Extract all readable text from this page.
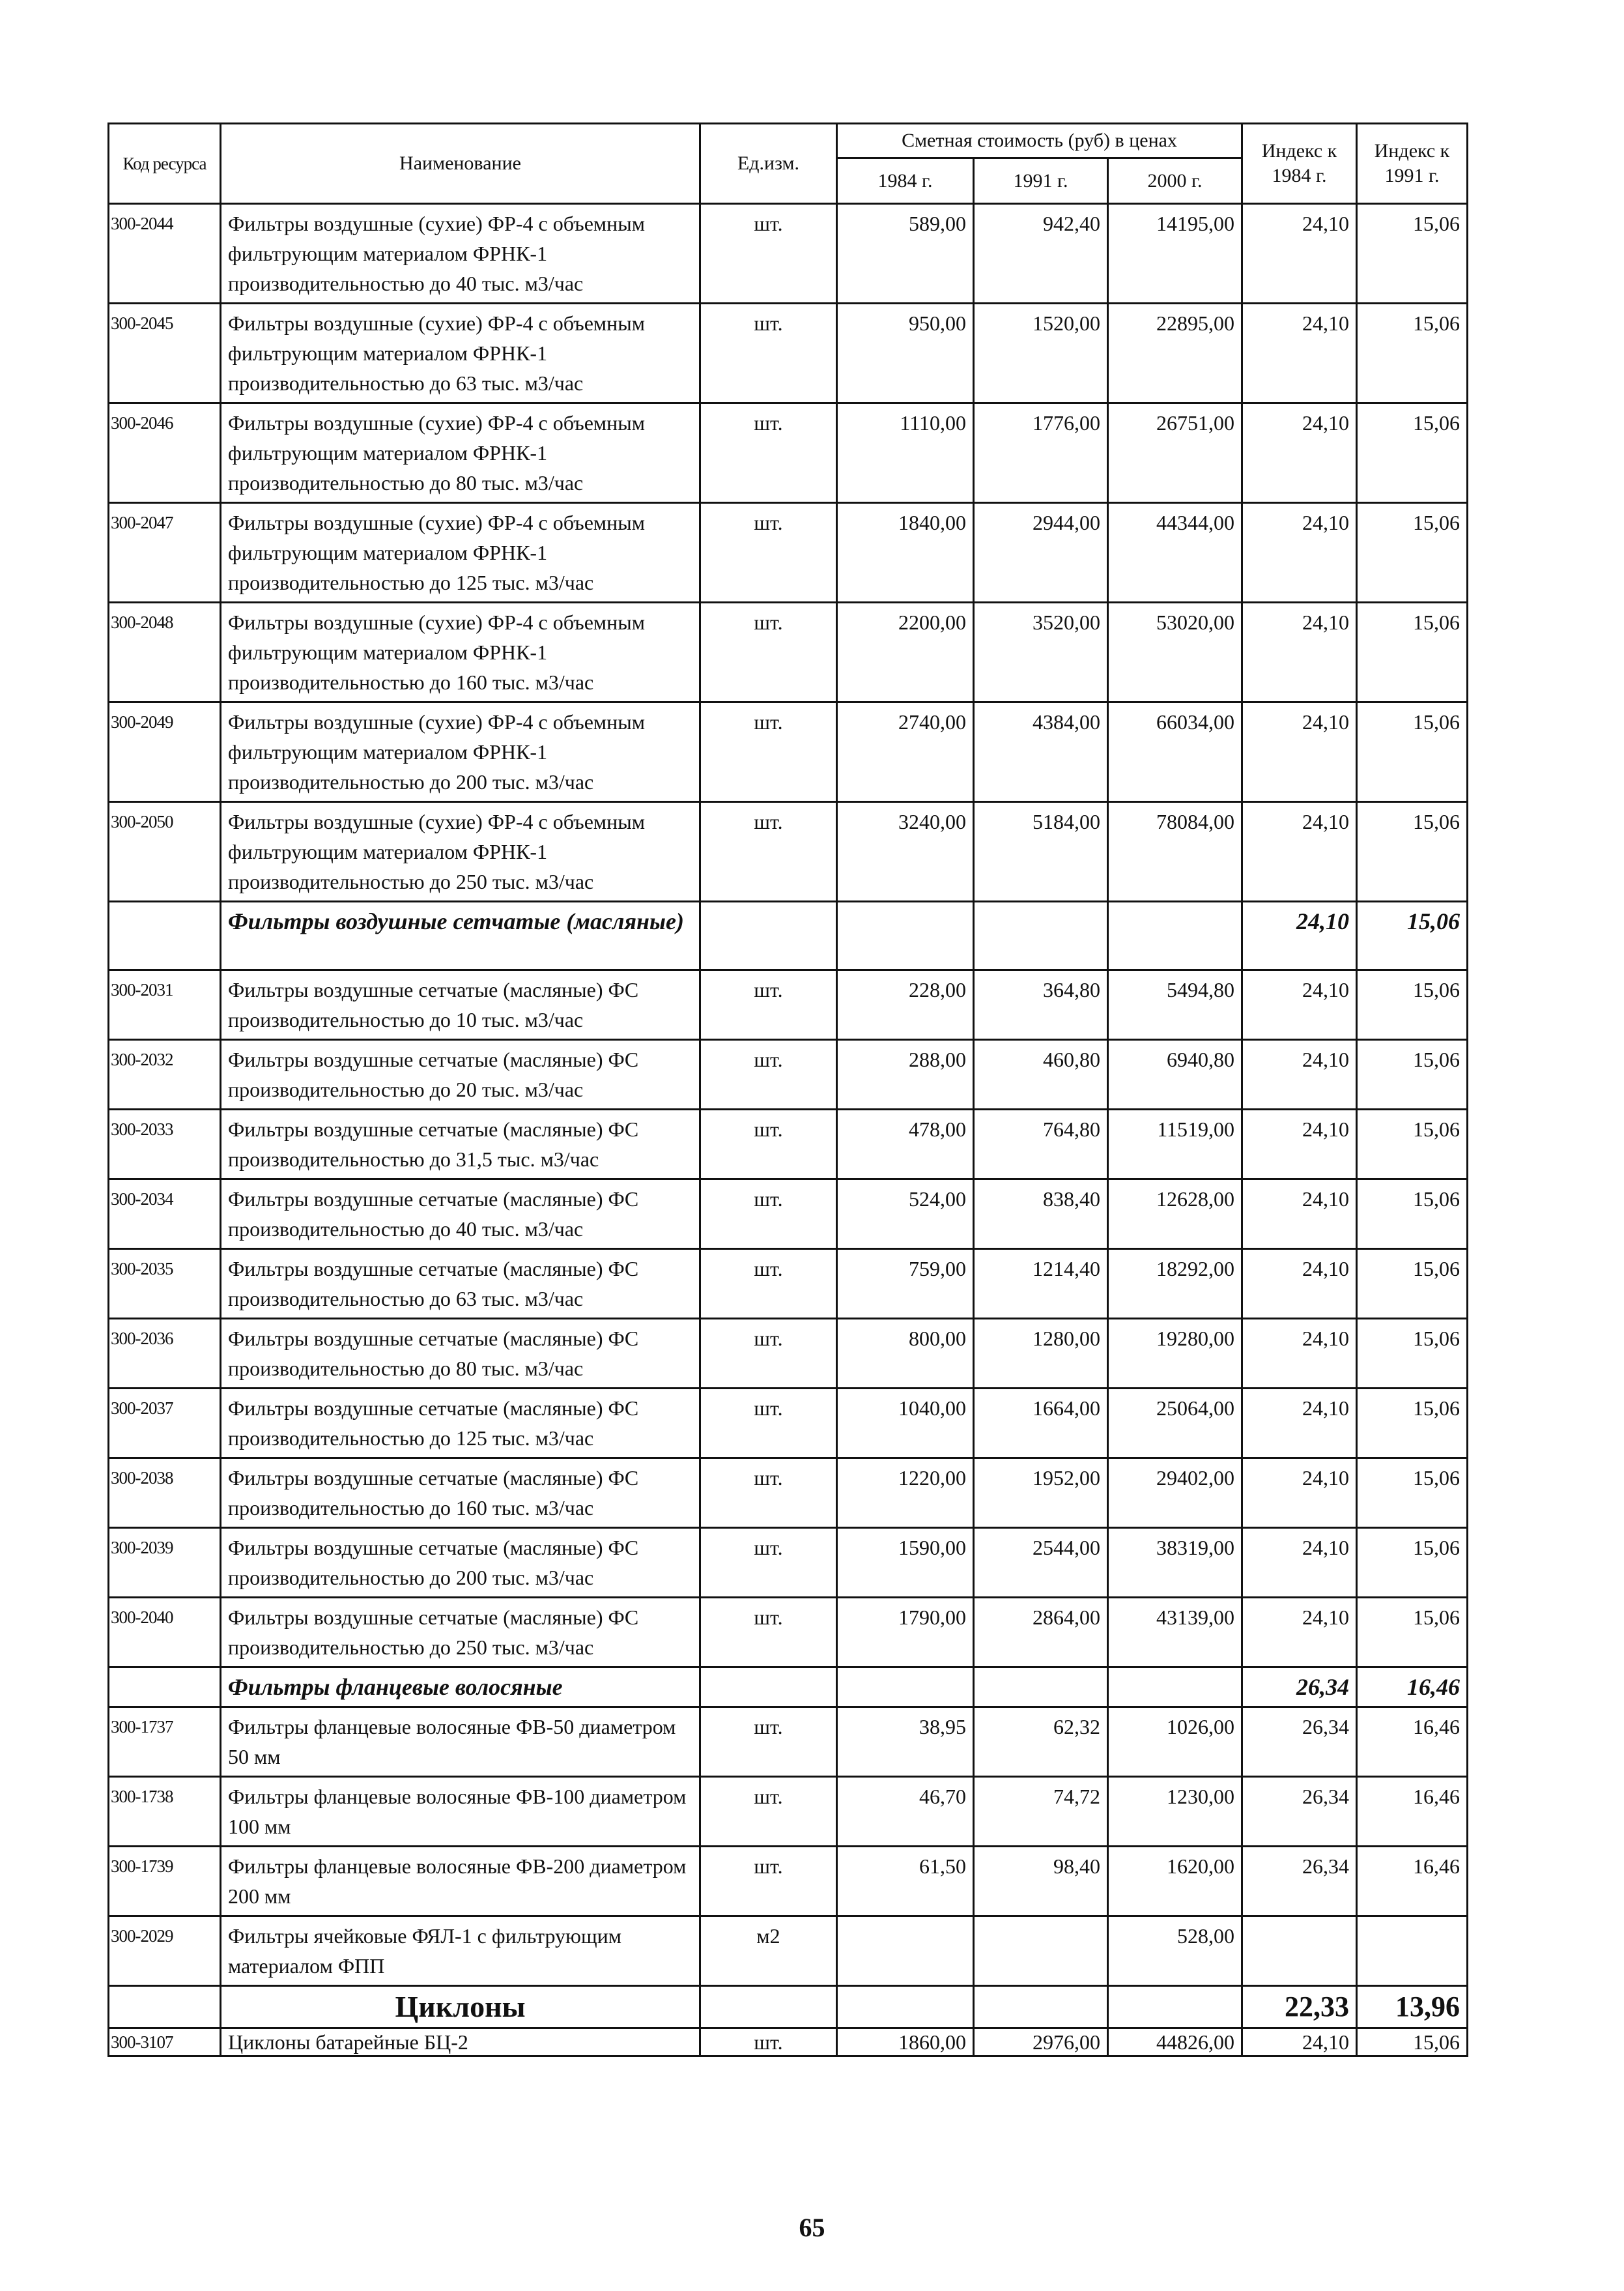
Код ресурса	Наименование	Ед.изм.	Сметная стоимость (руб) в ценах			Индекс к 1984 г.	Индекс к 1991 г.
			1984 г.	1991 г.	2000 г.		
300-2044	Фильтры воздушные (сухие) ФР-4 с объемным фильтрующим материалом ФРНК-1 производительностью до 40 тыс. м3/час	шт.	589,00	942,40	14195,00	24,10	15,06
300-2045	Фильтры воздушные (сухие) ФР-4 с объемным фильтрующим материалом ФРНК-1 производительностью до 63 тыс. м3/час	шт.	950,00	1520,00	22895,00	24,10	15,06
300-2046	Фильтры воздушные (сухие) ФР-4 с объемным фильтрующим материалом ФРНК-1 производительностью до 80 тыс. м3/час	шт.	1110,00	1776,00	26751,00	24,10	15,06
300-2047	Фильтры воздушные (сухие) ФР-4 с объемным фильтрующим материалом ФРНК-1 производительностью до 125 тыс. м3/час	шт.	1840,00	2944,00	44344,00	24,10	15,06
300-2048	Фильтры воздушные (сухие) ФР-4 с объемным фильтрующим материалом ФРНК-1 производительностью до 160 тыс. м3/час	шт.	2200,00	3520,00	53020,00	24,10	15,06
300-2049	Фильтры воздушные (сухие) ФР-4 с объемным фильтрующим материалом ФРНК-1 производительностью до 200 тыс. м3/час	шт.	2740,00	4384,00	66034,00	24,10	15,06
300-2050	Фильтры воздушные (сухие) ФР-4 с объемным фильтрующим материалом ФРНК-1 производительностью до 250 тыс. м3/час	шт.	3240,00	5184,00	78084,00	24,10	15,06
	Фильтры воздушные сетчатые (масляные)					24,10	15,06
300-2031	Фильтры воздушные сетчатые (масляные) ФС производительностью до 10 тыс. м3/час	шт.	228,00	364,80	5494,80	24,10	15,06
300-2032	Фильтры воздушные сетчатые (масляные) ФС производительностью до 20 тыс. м3/час	шт.	288,00	460,80	6940,80	24,10	15,06
300-2033	Фильтры воздушные сетчатые (масляные) ФС производительностью до 31,5 тыс. м3/час	шт.	478,00	764,80	11519,00	24,10	15,06
300-2034	Фильтры воздушные сетчатые (масляные) ФС производительностью до 40 тыс. м3/час	шт.	524,00	838,40	12628,00	24,10	15,06
300-2035	Фильтры воздушные сетчатые (масляные) ФС производительностью до 63 тыс. м3/час	шт.	759,00	1214,40	18292,00	24,10	15,06
300-2036	Фильтры воздушные сетчатые (масляные) ФС производительностью до 80 тыс. м3/час	шт.	800,00	1280,00	19280,00	24,10	15,06
300-2037	Фильтры воздушные сетчатые (масляные) ФС производительностью до 125 тыс. м3/час	шт.	1040,00	1664,00	25064,00	24,10	15,06
300-2038	Фильтры воздушные сетчатые (масляные) ФС производительностью до 160 тыс. м3/час	шт.	1220,00	1952,00	29402,00	24,10	15,06
300-2039	Фильтры воздушные сетчатые (масляные) ФС производительностью до 200 тыс. м3/час	шт.	1590,00	2544,00	38319,00	24,10	15,06
300-2040	Фильтры воздушные сетчатые (масляные) ФС производительностью до 250 тыс. м3/час	шт.	1790,00	2864,00	43139,00	24,10	15,06
	Фильтры фланцевые волосяные					26,34	16,46
300-1737	Фильтры фланцевые волосяные ФВ-50 диаметром 50 мм	шт.	38,95	62,32	1026,00	26,34	16,46
300-1738	Фильтры фланцевые волосяные ФВ-100 диаметром 100 мм	шт.	46,70	74,72	1230,00	26,34	16,46
300-1739	Фильтры фланцевые волосяные ФВ-200 диаметром 200 мм	шт.	61,50	98,40	1620,00	26,34	16,46
300-2029	Фильтры ячейковые ФЯЛ-1 с фильтрующим материалом ФПП	м2			528,00		
	Циклоны					22,33	13,96
300-3107	Циклоны батарейные БЦ-2	шт.	1860,00	2976,00	44826,00	24,10	15,06
65
